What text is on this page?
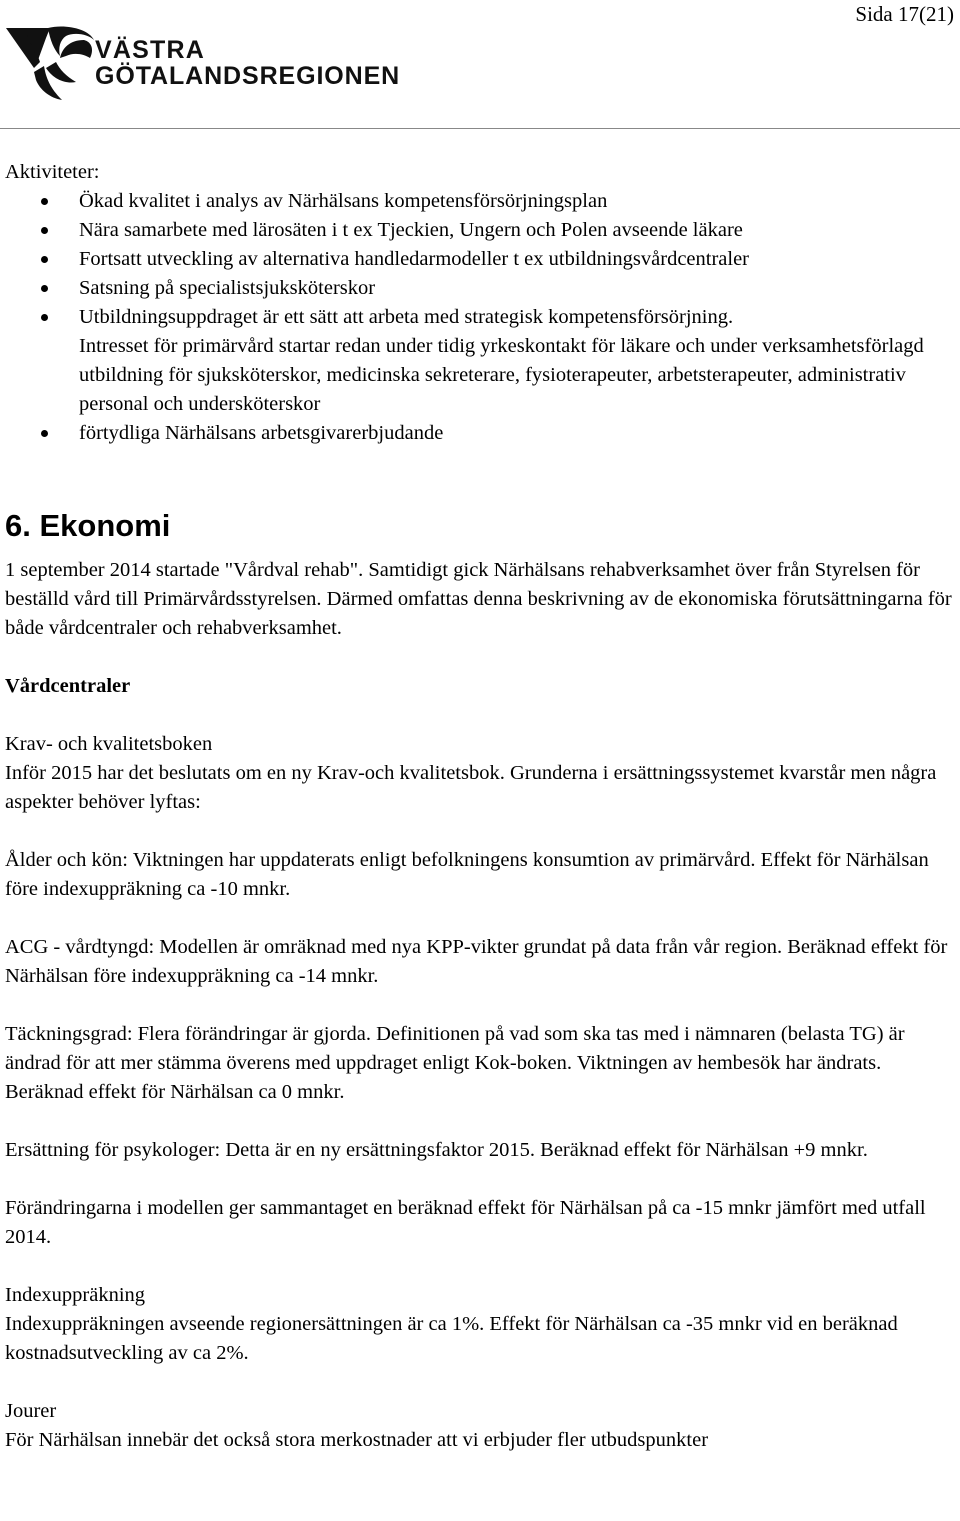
Sida 17(21)
VÄSTRA
GÖTALANDSREGIONEN

Aktiviteter:

Ökad kvalitet i analys av Närhälsans kompetensförsörjningsplan
Nära samarbete med lärosäten i t ex Tjeckien, Ungern och Polen avseende läkare
Fortsatt utveckling av alternativa handledarmodeller t ex utbildningsvårdcentraler
Satsning på specialistsjuksköterskor
Utbildningsuppdraget är ett sätt att arbeta med strategisk kompetensförsörjning.
Intresset för primärvård startar redan under tidig yrkeskontakt för läkare och under verksamhetsförlagd utbildning för sjuksköterskor, medicinska sekreterare, fysioterapeuter, arbetsterapeuter, administrativ personal och undersköterskor
förtydliga Närhälsans arbetsgivarerbjudande
6. Ekonomi

1 september 2014 startade "Vårdval rehab". Samtidigt gick Närhälsans rehabverksamhet över från Styrelsen för beställd vård till Primärvårdsstyrelsen. Därmed omfattas denna beskrivning av de ekonomiska förutsättningarna för både vårdcentraler och rehabverksamhet.

Vårdcentraler

Krav- och kvalitetsboken

Inför 2015 har det beslutats om en ny Krav-och kvalitetsbok. Grunderna i ersättningssystemet kvarstår men några aspekter behöver lyftas:

Ålder och kön: Viktningen har uppdaterats enligt befolkningens konsumtion av primärvård. Effekt för Närhälsan före indexuppräkning ca -10 mnkr.

ACG - vårdtyngd: Modellen är omräknad med nya KPP-vikter grundat på data från vår region. Beräknad effekt för Närhälsan före indexuppräkning ca -14 mnkr.

Täckningsgrad: Flera förändringar är gjorda. Definitionen på vad som ska tas med i nämnaren (belasta TG) är ändrad för att mer stämma överens med uppdraget enligt Kok-boken. Viktningen av hembesök har ändrats. Beräknad effekt för Närhälsan ca 0 mnkr.

Ersättning för psykologer: Detta är en ny ersättningsfaktor 2015. Beräknad effekt för Närhälsan +9 mnkr.

Förändringarna i modellen ger sammantaget en beräknad effekt för Närhälsan på ca -15 mnkr jämfört med utfall 2014.

Indexuppräkning

Indexuppräkningen avseende regionersättningen är ca 1%. Effekt för Närhälsan ca -35 mnkr vid en beräknad kostnadsutveckling av ca 2%.

Jourer

För Närhälsan innebär det också stora merkostnader att vi erbjuder fler utbudspunkter
